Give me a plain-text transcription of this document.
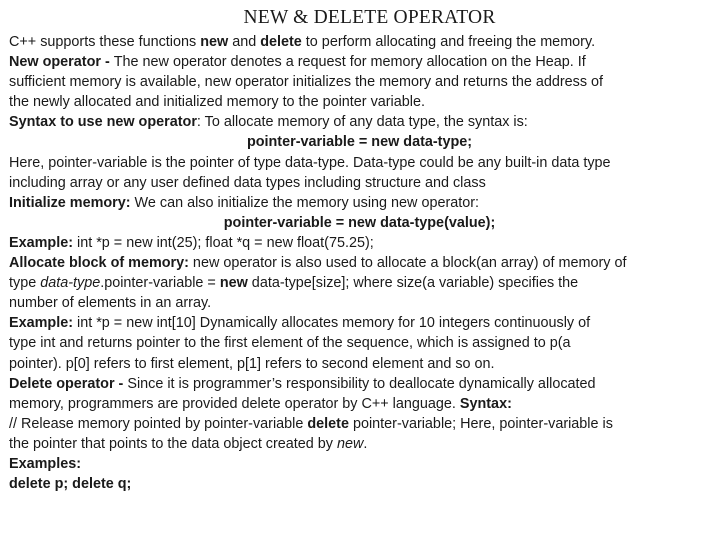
NEW & DELETE OPERATOR
C++ supports these functions new and delete to perform allocating and freeing the memory.
New operator - The new operator denotes a request for memory allocation on the Heap. If
sufficient memory is available, new operator initializes the memory and returns the address of
the newly allocated and initialized memory to the pointer variable.
Syntax to use new operator: To allocate memory of any data type, the syntax is:
pointer-variable = new data-type;
Here, pointer-variable is the pointer of type data-type. Data-type could be any built-in data type
including array or any user defined data types including structure and class
Initialize memory: We can also initialize the memory using new operator:
pointer-variable = new data-type(value);
Example: int *p = new int(25); float *q = new float(75.25);
Allocate block of memory: new operator is also used to allocate a block(an array) of memory of
type data-type.pointer-variable = new data-type[size]; where size(a variable) specifies the
number of elements in an array.
Example: int *p = new int[10] Dynamically allocates memory for 10 integers continuously of
type int and returns pointer to the first element of the sequence, which is assigned to p(a
pointer). p[0] refers to first element, p[1] refers to second element and so on.
Delete operator - Since it is programmer’s responsibility to deallocate dynamically allocated
memory, programmers are provided delete operator by C++ language. Syntax:
// Release memory pointed by pointer-variable delete pointer-variable; Here, pointer-variable is
the pointer that points to the data object created by new.
Examples:
delete p; delete q;
